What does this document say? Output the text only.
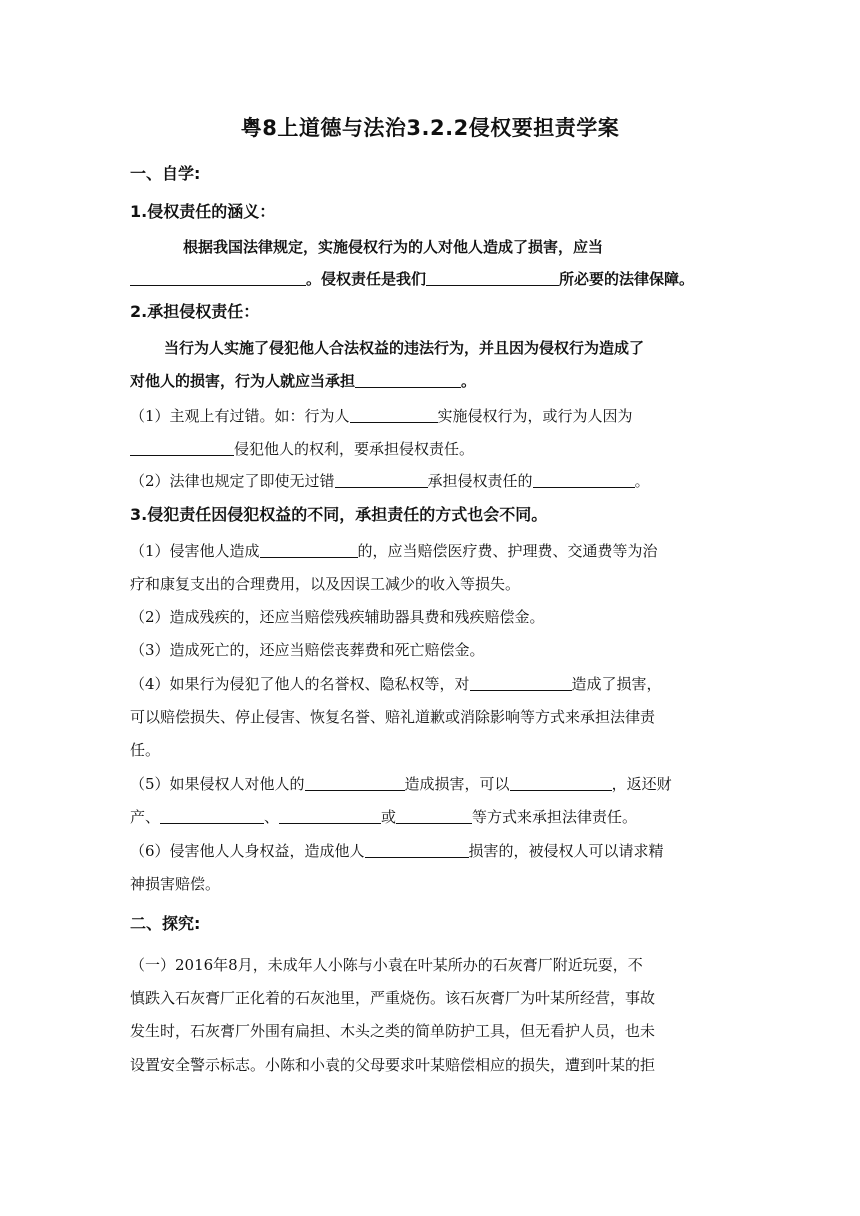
粤8上道德与法治3.2.2侵权要担责学案
一、自学:
1.侵权责任的涵义：
根据我国法律规定，实施侵权行为的人对他人造成了损害，应当
。侵权责任是我们	所必要的法律保障。
2.承担侵权责任：
当行为人实施了侵犯他人合法权益的违法行为，并且因为侵权行为造成了
对他人的损害，行为人就应当承担	。
（1）主观上有过错。如：行为人	实施侵权行为，或行为人因为
侵犯他人的权利，要承担侵权责任。
（2）法律也规定了即使无过错	承担侵权责任的	。
3.侵犯责任因侵犯权益的不同，承担责任的方式也会不同。
（1）侵害他人造成	的，应当赔偿医疗费、护理费、交通费等为治
疗和康复支出的合理费用，以及因误工减少的收入等损失。
（2）造成残疾的，还应当赔偿残疾辅助器具费和残疾赔偿金。
（3）造成死亡的，还应当赔偿丧葬费和死亡赔偿金。
（4）如果行为侵犯了他人的名誉权、隐私权等，对	造成了损害，
可以赔偿损失、停止侵害、恢复名誉、赔礼道歉或消除影响等方式来承担法律责
任。
（5）如果侵权人对他人的	造成损害，可以	，返还财
产、	、	或	等方式来承担法律责任。
（6）侵害他人人身权益，造成他人	损害的，被侵权人可以请求精
神损害赔偿。
二、探究:
（一）2016年8月，未成年人小陈与小袁在叶某所办的石灰膏厂附近玩耍，不
慎跌入石灰膏厂正化着的石灰池里，严重烧伤。该石灰膏厂为叶某所经营，事故
发生时，石灰膏厂外围有扁担、木头之类的简单防护工具，但无看护人员，也未
设置安全警示标志。小陈和小袁的父母要求叶某赔偿相应的损失，遭到叶某的拒
